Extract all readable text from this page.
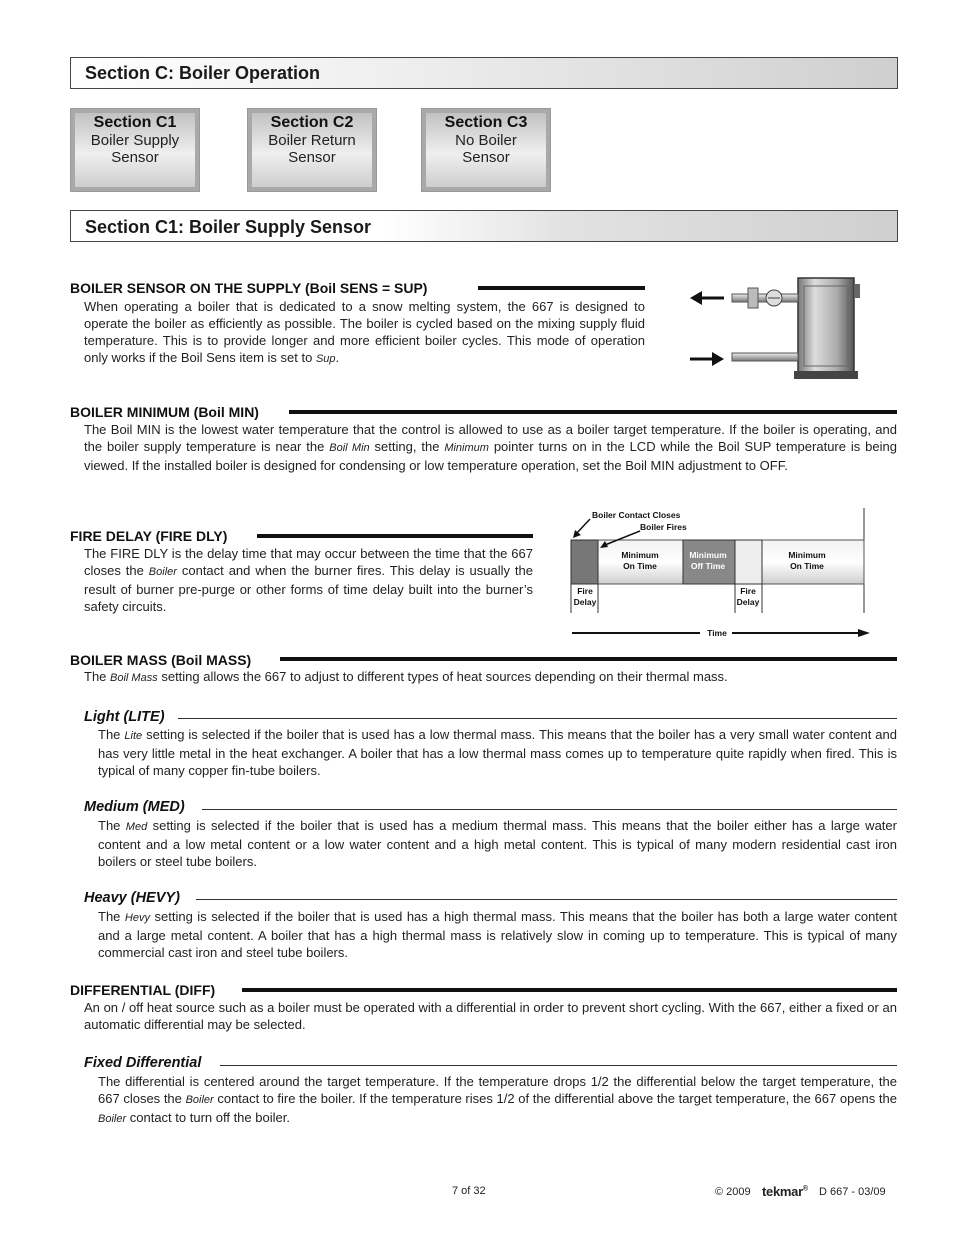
Section C: Boiler Operation
Section C1
Boiler Supply
Sensor
Section C2
Boiler Return
Sensor
Section C3
No Boiler
Sensor
Section C1: Boiler Supply Sensor
BOILER SENSOR ON THE SUPPLY (Boil SENS = SUP)
When operating a boiler that is dedicated to a snow melting system, the 667 is designed to operate the boiler as efficiently as possible. The boiler is cycled based on the mixing supply fluid temperature. This is to provide longer and more efficient boiler cycles. This mode of operation only works if the Boil Sens item is set to Sup.
BOILER MINIMUM (Boil MIN)
The Boil MIN is the lowest water temperature that the control is allowed to use as a boiler target temperature. If the boiler is operating, and the boiler supply temperature is near the Boil Min setting, the Minimum pointer turns on in the LCD while the Boil SUP temperature is being viewed. If the installed boiler is designed for condensing or low temperature operation, set the Boil MIN adjustment to OFF.
FIRE DELAY (FIRE DLY)
The FIRE DLY is the delay time that may occur between the time that the 667 closes the Boiler contact and when the burner fires. This delay is usually the result of burner pre-purge or other forms of time delay built into the burner’s safety circuits.
Boiler Contact Closes
Boiler Fires
Minimum
On Time
Minimum
Off Time
Minimum
On Time
Fire
Delay
Fire
Delay
Time
BOILER MASS (Boil MASS)
The Boil Mass setting allows the 667 to adjust to different types of heat sources depending on their thermal mass.
Light (LITE)
The Lite setting is selected if the boiler that is used has a low thermal mass. This means that the boiler has a very small water content and has very little metal in the heat exchanger. A boiler that has a low thermal mass comes up to temperature quite rapidly when fired. This is typical of many copper fin-tube boilers.
Medium (MED)
The Med setting is selected if the boiler that is used has a medium thermal mass. This means that the boiler either has a large water content and a low metal content or a low water content and a high metal content. This is typical of many modern residential cast iron boilers or steel tube boilers.
Heavy (HEVY)
The Hevy setting is selected if the boiler that is used has a high thermal mass. This means that the boiler has both a large water content and a large metal content. A boiler that has a high thermal mass is relatively slow in coming up to temperature. This is typical of many commercial cast iron and steel tube boilers.
DIFFERENTIAL (DIFF)
An on / off heat source such as a boiler must be operated with a differential in order to prevent short cycling. With the 667, either a fixed or an automatic differential may be selected.
Fixed Differential
The differential is centered around the target temperature. If the temperature drops 1/2 the differential below the target temperature, the 667 closes the Boiler contact to fire the boiler. If the temperature rises 1/2 of the differential above the target temperature, the 667 opens the Boiler contact to turn off the boiler.
7 of 32	© 2009 tekmar® D 667 - 03/09
